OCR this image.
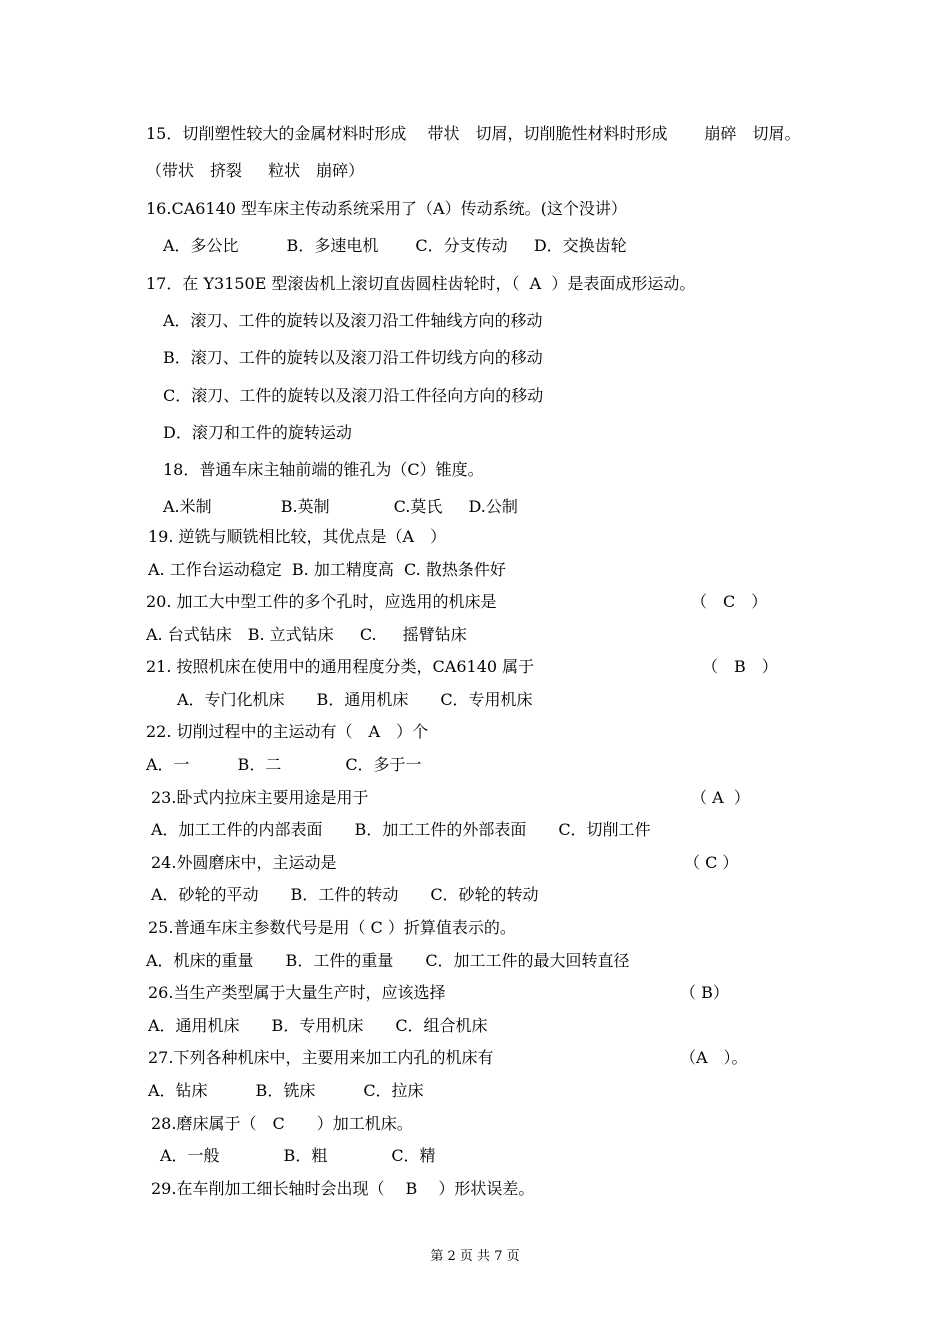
15．切削塑性较大的金属材料时形成　 带状　切屑，切削脆性材料时形成　　 崩碎　切屑。
（带状　挤裂　  粒状　崩碎）
16.CA6140 型车床主传动系统采用了（A）传动系统。(这个没讲）
A．多公比　　　B．多速电机　　 C．分支传动　  D．交换齿轮
17．在 Y3150E 型滚齿机上滚切直齿圆柱齿轮时，（  A  ）是表面成形运动。
A．滚刀、工件的旋转以及滚刀沿工件轴线方向的移动
B．滚刀、工件的旋转以及滚刀沿工件切线方向的移动
C．滚刀、工件的旋转以及滚刀沿工件径向方向的移动
D．滚刀和工件的旋转运动
18．普通车床主轴前端的锥孔为（C）锥度。
A.米制　　　　 B.英制　　　　C.莫氏　  D.公制
19. 逆铣与顺铣相比较，其优点是（A　）
A. 工作台运动稳定  B. 加工精度高  C. 散热条件好
20. 加工大中型工件的多个孔时，应选用的机床是	（　C　）
A. 台式钻床　B. 立式钻床　  C.　  摇臂钻床
21. 按照机床在使用中的通用程度分类，CA6140 属于	（　B　）
A．专门化机床　　B．通用机床　　C．专用机床
22. 切削过程中的主运动有（　A　）个
A．一　　　B．二　　　　C．多于一
23.卧式内拉床主要用途是用于	（ A  ）
A．加工工件的内部表面　　B．加工工件的外部表面　　C．切削工件
24.外圆磨床中，主运动是	（ C ）
A．砂轮的平动　　B．工件的转动　　C．砂轮的转动
25.普通车床主参数代号是用（ C ）折算值表示的。
A．机床的重量　　B．工件的重量　　C．加工工件的最大回转直径
26.当生产类型属于大量生产时，应该选择	（ B）
A．通用机床　　B．专用机床　　C．组合机床
27.下列各种机床中，主要用来加工内孔的机床有	（A　）。
A．钻床　　　B．铣床　　　C．拉床
28.磨床属于（　C　　）加工机床。
A．一般　　　　B．粗　　　　C．精
29.在车削加工细长轴时会出现（　 B　 ）形状误差。
第 2 页 共 7 页
